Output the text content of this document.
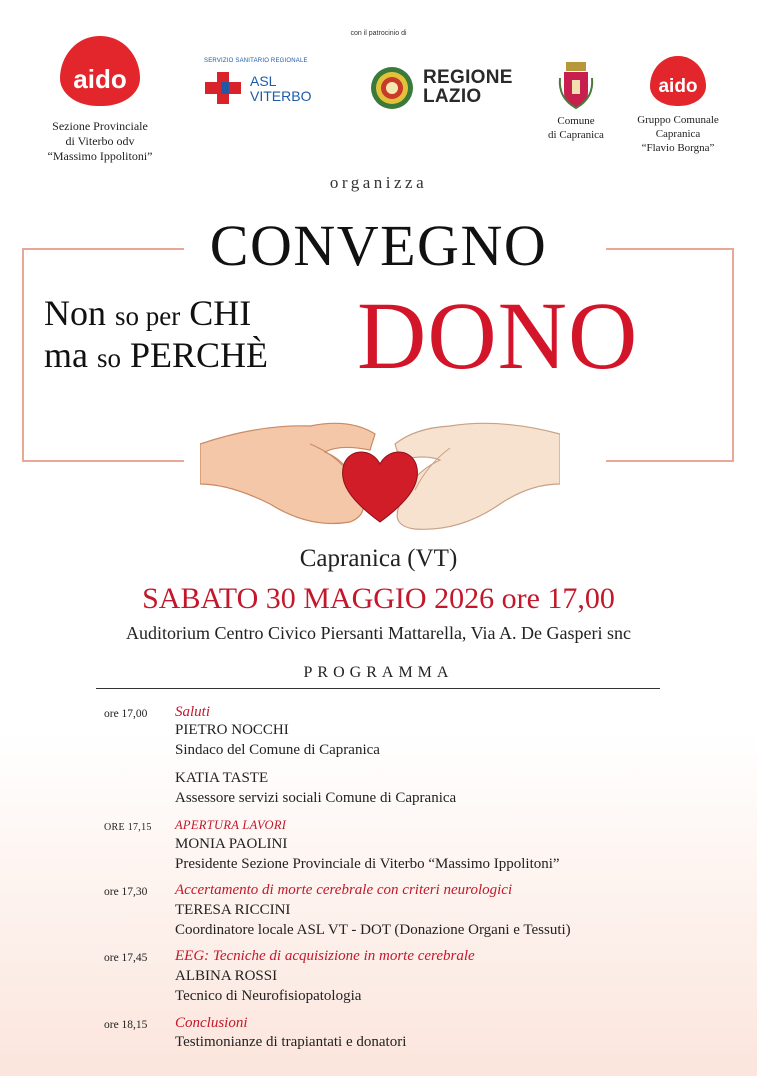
con il patrocinio di
aido
Sezione Provinciale
di Viterbo odv
“Massimo Ippolitoni”
SERVIZIO SANITARIO REGIONALE
ASL
VITERBO
REGIONE
LAZIO
Comune
di Capranica
aido
Gruppo Comunale
Capranica
“Flavio Borgna”
organizza
CONVEGNO
Non so per CHI
ma so PERCHÈ DONO
Capranica (VT)
SABATO 30 MAGGIO 2026 ore 17,00
Auditorium Centro Civico Piersanti Mattarella, Via A. De Gasperi snc
PROGRAMMA
ore 17,00	Saluti
PIETRO NOCCHI
Sindaco del Comune di Capranica
KATIA TASTE
Assessore servizi sociali Comune di Capranica
ORE 17,15	APERTURA LAVORI
MONIA PAOLINI
Presidente Sezione Provinciale di Viterbo “Massimo Ippolitoni”
ore 17,30	Accertamento di morte cerebrale con criteri neurologici
TERESA RICCINI
Coordinatore locale ASL VT - DOT (Donazione Organi e Tessuti)
ore 17,45	EEG: Tecniche di acquisizione in morte cerebrale
ALBINA ROSSI
Tecnico di Neurofisiopatologia
ore 18,15	Conclusioni
Testimonianze di trapiantati e donatori
